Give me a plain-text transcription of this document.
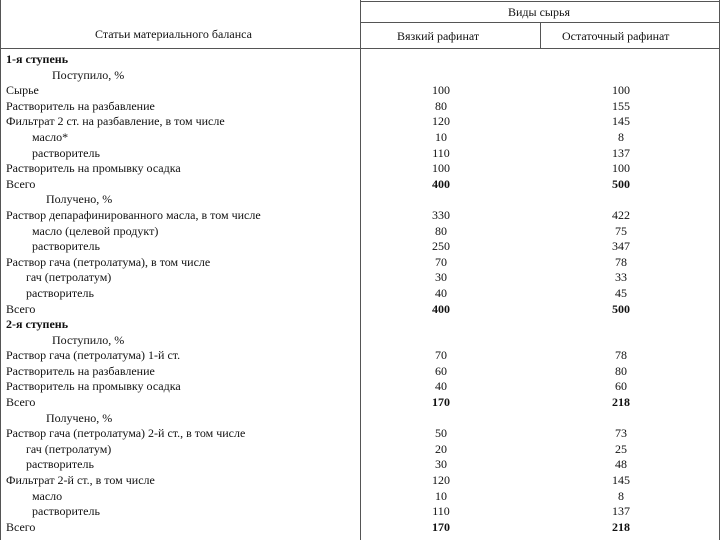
Статьи материального баланса
Виды сырья
Вязкий рафинат	Остаточный рафинат
1-я ступень
Поступило, %
Сырье	100	100
Растворитель на разбавление	80	155
Фильтрат 2 ст. на разбавление, в том числе	120	145
масло*	10	8
растворитель	110	137
Растворитель на промывку осадка	100	100
Всего	400	500
Получено, %
Раствор депарафинированного масла, в том числе	330	422
масло (целевой продукт)	80	75
растворитель	250	347
Раствор гача (петролатума), в том числе	70	78
гач (петролатум)	30	33
растворитель	40	45
Всего	400	500
2-я ступень
Поступило, %
Раствор гача (петролатума) 1-й ст.	70	78
Растворитель на разбавление	60	80
Растворитель на промывку осадка	40	60
Всего	170	218
Получено, %
Раствор гача (петролатума) 2-й ст., в том числе	50	73
гач (петролатум)	20	25
растворитель	30	48
Фильтрат 2-й ст., в том числе	120	145
масло	10	8
растворитель	110	137
Всего	170	218
